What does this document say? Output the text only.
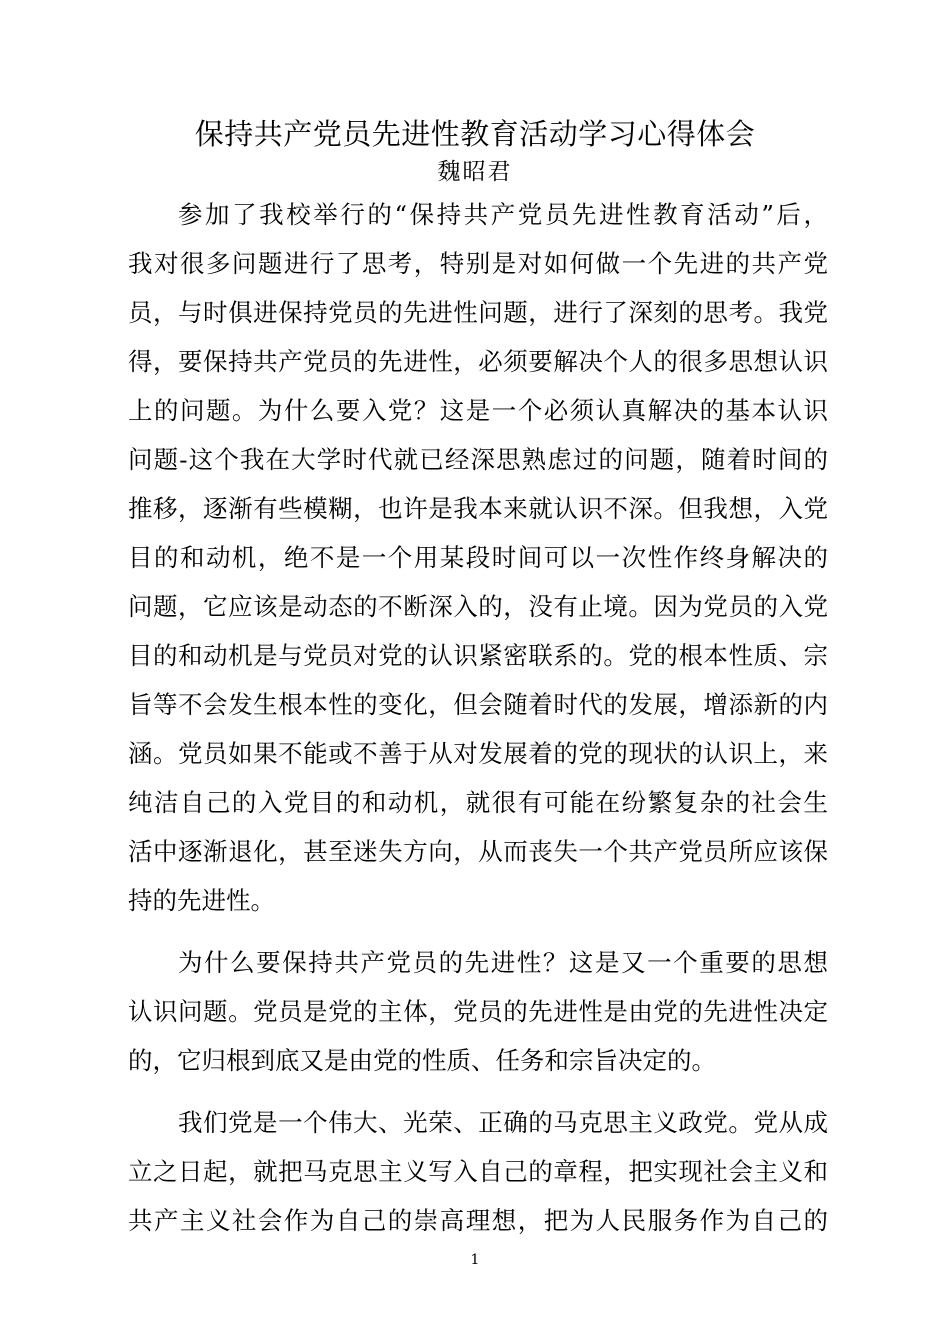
保持共产党员先进性教育活动学习心得体会
魏昭君
参加了我校举行的“保持共产党员先进性教育活动”后，
我对很多问题进行了思考，特别是对如何做一个先进的共产党
员，与时俱进保持党员的先进性问题，进行了深刻的思考。我党
得，要保持共产党员的先进性，必须要解决个人的很多思想认识
上的问题。为什么要入党？这是一个必须认真解决的基本认识
问题-这个我在大学时代就已经深思熟虑过的问题，随着时间的
推移，逐渐有些模糊，也许是我本来就认识不深。但我想，入党
目的和动机，绝不是一个用某段时间可以一次性作终身解决的
问题，它应该是动态的不断深入的，没有止境。因为党员的入党
目的和动机是与党员对党的认识紧密联系的。党的根本性质、宗
旨等不会发生根本性的变化，但会随着时代的发展，增添新的内
涵。党员如果不能或不善于从对发展着的党的现状的认识上，来
纯洁自己的入党目的和动机，就很有可能在纷繁复杂的社会生
活中逐渐退化，甚至迷失方向，从而丧失一个共产党员所应该保
持的先进性。
为什么要保持共产党员的先进性？这是又一个重要的思想
认识问题。党员是党的主体，党员的先进性是由党的先进性决定
的，它归根到底又是由党的性质、任务和宗旨决定的。
我们党是一个伟大、光荣、正确的马克思主义政党。党从成
立之日起，就把马克思主义写入自己的章程，把实现社会主义和
共产主义社会作为自己的崇高理想，把为人民服务作为自己的
1
